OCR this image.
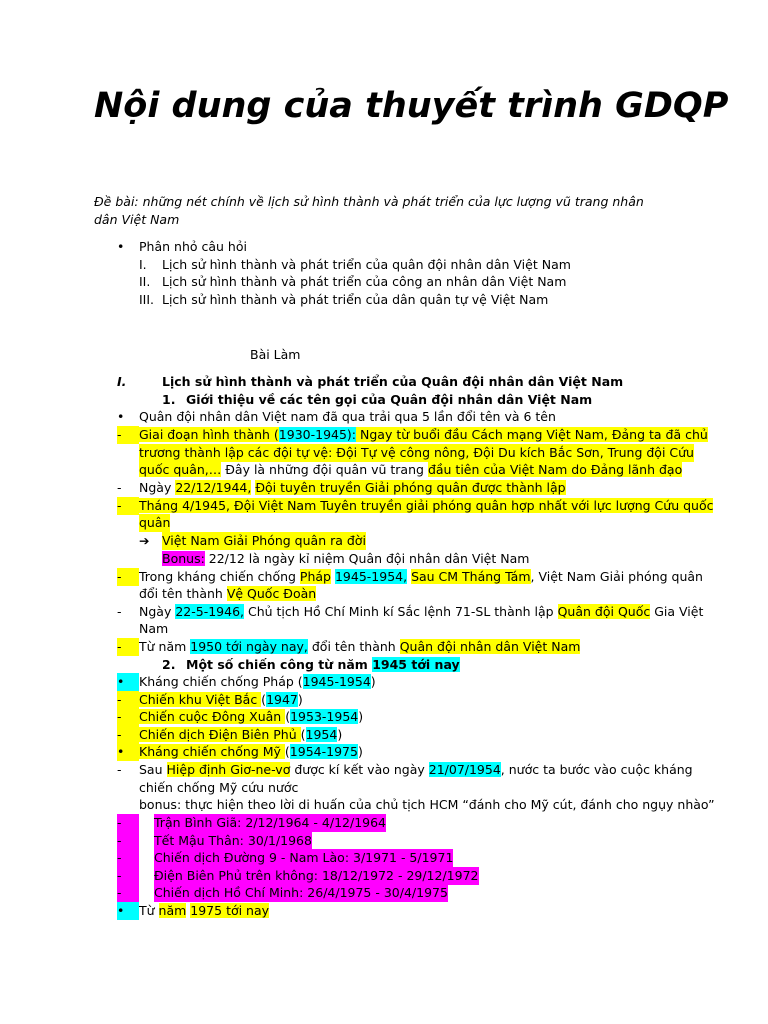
Nội dung của thuyết trình GDQP
Đề bài: những nét chính về lịch sử hình thành và phát triển của lực lượng vũ trang nhân dân Việt Nam
• Phân nhỏ câu hỏi
I. Lịch sử hình thành và phát triển của quân đội nhân dân Việt Nam
II. Lịch sử hình thành và phát triển của công an nhân dân Việt Nam
III. Lịch sử hình thành và phát triển của dân quân tự vệ Việt Nam
Bài Làm
I.	Lịch sử hình thành và phát triển của Quân đội nhân dân Việt Nam
1. Giới thiệu về các tên gọi của Quân đội nhân dân Việt Nam
• Quân đội nhân dân Việt nam đã qua trải qua 5 lần đổi tên và 6 tên
-	Giai đoạn hình thành (1930-1945): Ngay từ buổi đầu Cách mạng Việt Nam, Đảng ta đã chủ
trương thành lập các đội tự vệ: Đội Tự vệ công nông, Đội Du kích Bắc Sơn, Trung đội Cứu
quốc quân,… Đây là những đội quân vũ trang đầu tiên của Việt Nam do Đảng lãnh đạo
- Ngày 22/12/1944, Đội tuyên truyền Giải phóng quân được thành lập
-	Tháng 4/1945, Đội Việt Nam Tuyên truyền giải phóng quân hợp nhất với lực lượng Cứu quốc
quân
➔ Việt Nam Giải Phóng quân ra đời
Bonus: 22/12 là ngày kỉ niệm Quân đội nhân dân Việt Nam
-	Trong kháng chiến chống Pháp 1945-1954, Sau CM Tháng Tám, Việt Nam Giải phóng quân
đổi tên thành Vệ Quốc Đoàn
- Ngày 22-5-1946, Chủ tịch Hồ Chí Minh kí Sắc lệnh 71-SL thành lập Quân đội Quốc Gia Việt
Nam
-	Từ năm 1950 tới ngày nay, đổi tên thành Quân đội nhân dân Việt Nam
2. Một số chiến công từ năm 1945 tới nay
•	Kháng chiến chống Pháp (1945-1954)
-	Chiến khu Việt Bắc (1947)
-	Chiến cuộc Đông Xuân (1953-1954)
-	Chiến dịch Điện Biên Phủ (1954)
•	Kháng chiến chống Mỹ (1954-1975)
- Sau Hiệp định Giơ-ne-vơ được kí kết vào ngày 21/07/1954, nước ta bước vào cuộc kháng
chiến chống Mỹ cứu nước
bonus: thực hiện theo lời di huấn của chủ tịch HCM “đánh cho Mỹ cút, đánh cho ngụy nhào”
-	Trận Bình Giã: 2/12/1964 - 4/12/1964
-	Tết Mậu Thân: 30/1/1968
-	Chiến dịch Đường 9 - Nam Lào: 3/1971 - 5/1971
-	Điện Biên Phủ trên không: 18/12/1972 - 29/12/1972
-	Chiến dịch Hồ Chí Minh: 26/4/1975 - 30/4/1975
•	Từ năm 1975 tới nay
